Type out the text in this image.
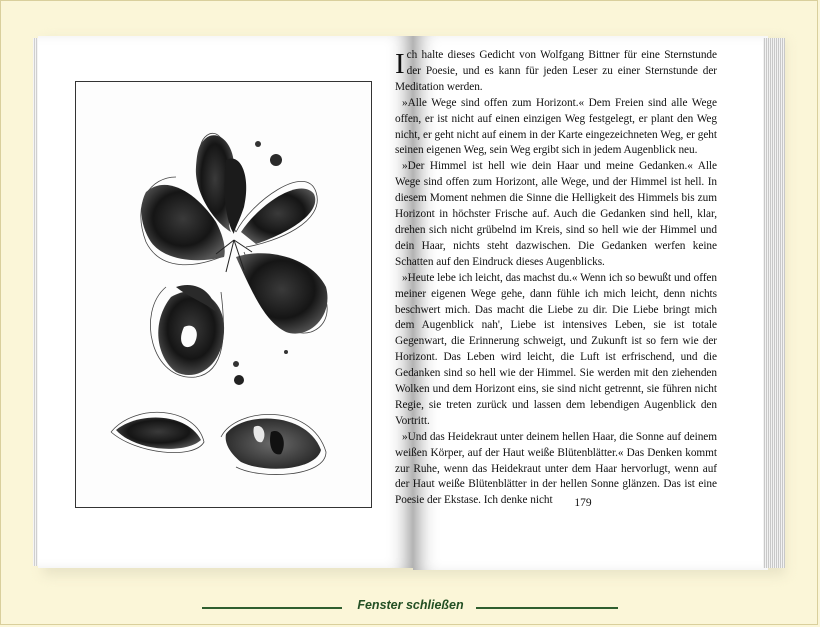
Ich halte dieses Gedicht von Wolfgang Bittner für eine Sternstunde der Poesie, und es kann für jeden Leser zu einer Sternstunde der Meditation werden.

»Alle Wege sind offen zum Horizont.« Dem Freien sind alle Wege offen, er ist nicht auf einen einzigen Weg festgelegt, er plant den Weg nicht, er geht nicht auf einem in der Karte eingezeichneten Weg, er geht seinen eigenen Weg, sein Weg ergibt sich in jedem Augenblick neu.

»Der Himmel ist hell wie dein Haar und meine Gedanken.« Alle Wege sind offen zum Horizont, alle Wege, und der Himmel ist hell. In diesem Moment nehmen die Sinne die Helligkeit des Himmels bis zum Horizont in höchster Frische auf. Auch die Gedanken sind hell, klar, drehen sich nicht grübelnd im Kreis, sind so hell wie der Himmel und dein Haar, nichts steht dazwischen. Die Gedanken werfen keine Schatten auf den Eindruck dieses Augenblicks.

»Heute lebe ich leicht, das machst du.« Wenn ich so bewußt und offen meiner eigenen Wege gehe, dann fühle ich mich leicht, denn nichts beschwert mich. Das macht die Liebe zu dir. Die Liebe bringt mich dem Augenblick nah', Liebe ist intensives Leben, sie ist totale Gegenwart, die Erinnerung schweigt, und Zukunft ist so fern wie der Horizont. Das Leben wird leicht, die Luft ist erfrischend, und die Gedanken sind so hell wie der Himmel. Sie werden mit den ziehenden Wolken und dem Horizont eins, sie sind nicht getrennt, sie führen nicht Regie, sie treten zurück und lassen dem lebendigen Augenblick den Vortritt.

»Und das Heidekraut unter deinem hellen Haar, die Sonne auf deinem weißen Körper, auf der Haut weiße Blütenblätter.« Das Denken kommt zur Ruhe, wenn das Heidekraut unter dem Haar hervorlugt, wenn auf der Haut weiße Blütenblätter in der hellen Sonne glänzen. Das ist eine Poesie der Ekstase. Ich denke nicht	179
Fenster schließen
